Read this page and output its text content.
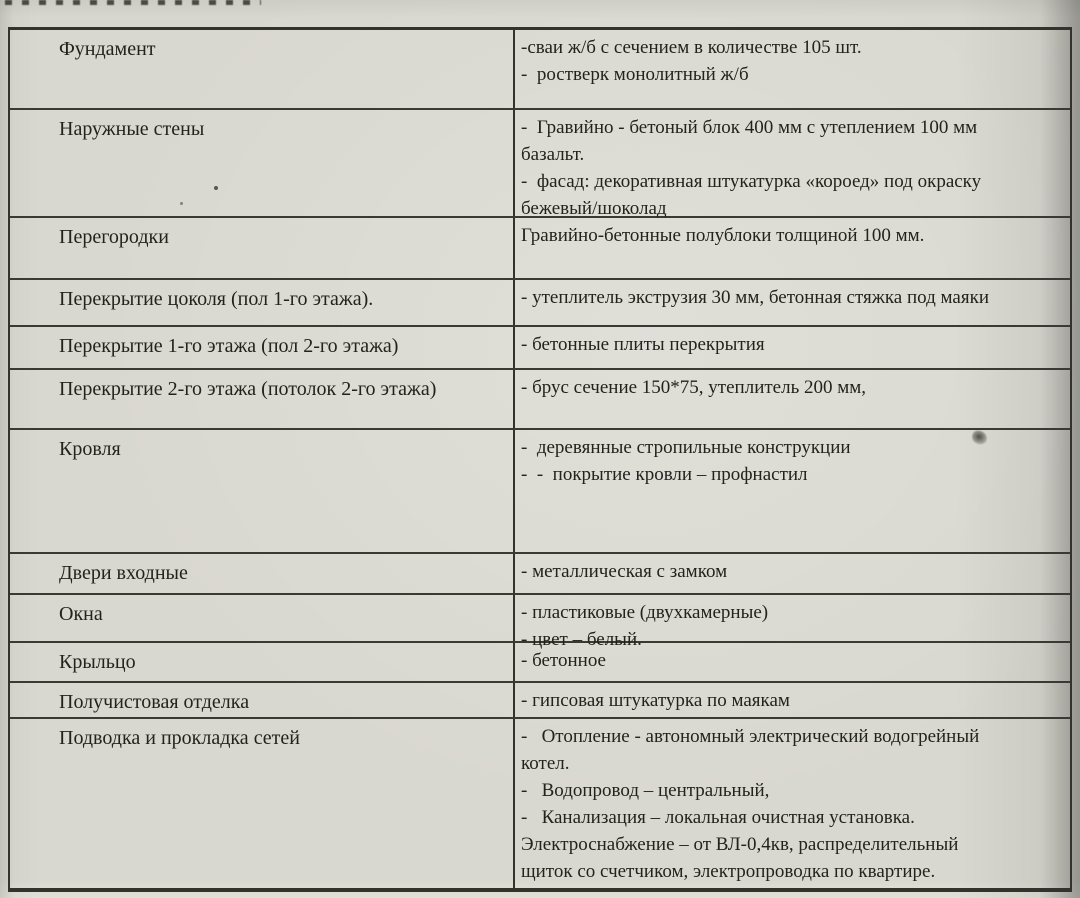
Фундамент	-сваи ж/б с сечением в количестве 105 шт.
-  ростверк монолитный ж/б
Наружные стены	-  Гравийно - бетоный блок 400 мм с утеплением 100 мм
базальт.
-  фасад: декоративная штукатурка «короед» под окраску
бежевый/шоколад
Перегородки	Гравийно-бетонные полублоки толщиной 100 мм.
Перекрытие цоколя (пол 1-го этажа).	- утеплитель экструзия 30 мм, бетонная стяжка под маяки
Перекрытие 1-го этажа (пол 2-го этажа)	- бетонные плиты перекрытия
Перекрытие 2-го этажа (потолок 2-го этажа)	- брус сечение 150*75, утеплитель 200 мм,
Кровля	-  деревянные стропильные конструкции
-  -  покрытие кровли – профнастил
Двери входные	- металлическая с замком
Окна	- пластиковые (двухкамерные)
- цвет – белый.
Крыльцо	- бетонное
Получистовая отделка	- гипсовая штукатурка по маякам
Подводка и прокладка сетей	-   Отопление - автономный электрический водогрейный
котел.
-   Водопровод – центральный,
-   Канализация – локальная очистная установка.
Электроснабжение – от ВЛ-0,4кв, распределительный
щиток со счетчиком, электропроводка по квартире.
